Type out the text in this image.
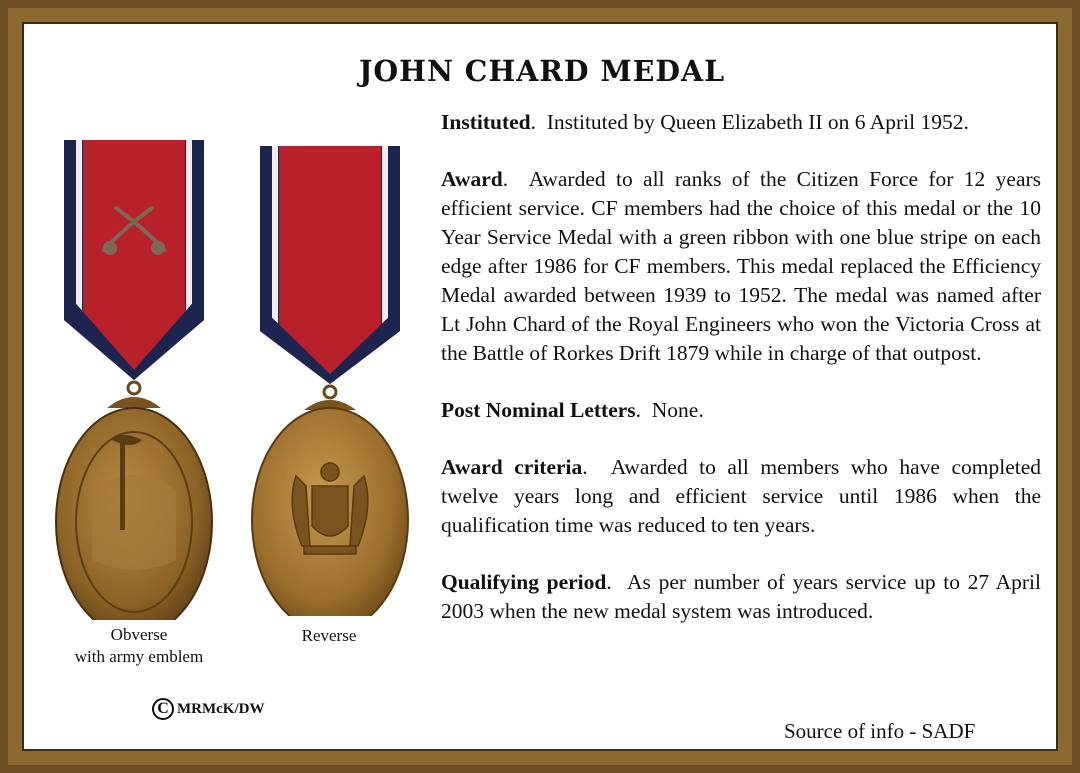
JOHN CHARD MEDAL
Obverse
with army emblem
Reverse
C MRMcK/DW

Instituted.  Instituted by Queen Elizabeth II on 6 April 1952.

Award.  Awarded to all ranks of the Citizen Force for 12 years efficient service. CF members had the choice of this medal or the 10 Year Service Medal with a green ribbon with one blue stripe on each edge after 1986 for CF members. This medal replaced the Efficiency Medal awarded between 1939 to 1952. The medal was named after Lt John Chard of the Royal Engineers who won the Victoria Cross at the Battle of Rorkes Drift 1879 while in charge of that outpost.

Post Nominal Letters.  None.

Award criteria.  Awarded to all members who have completed twelve years long and efficient service until 1986 when the qualification time was reduced to ten years.

Qualifying period.  As per number of years service up to 27 April 2003 when the new medal system was introduced.

Source of info - SADF
